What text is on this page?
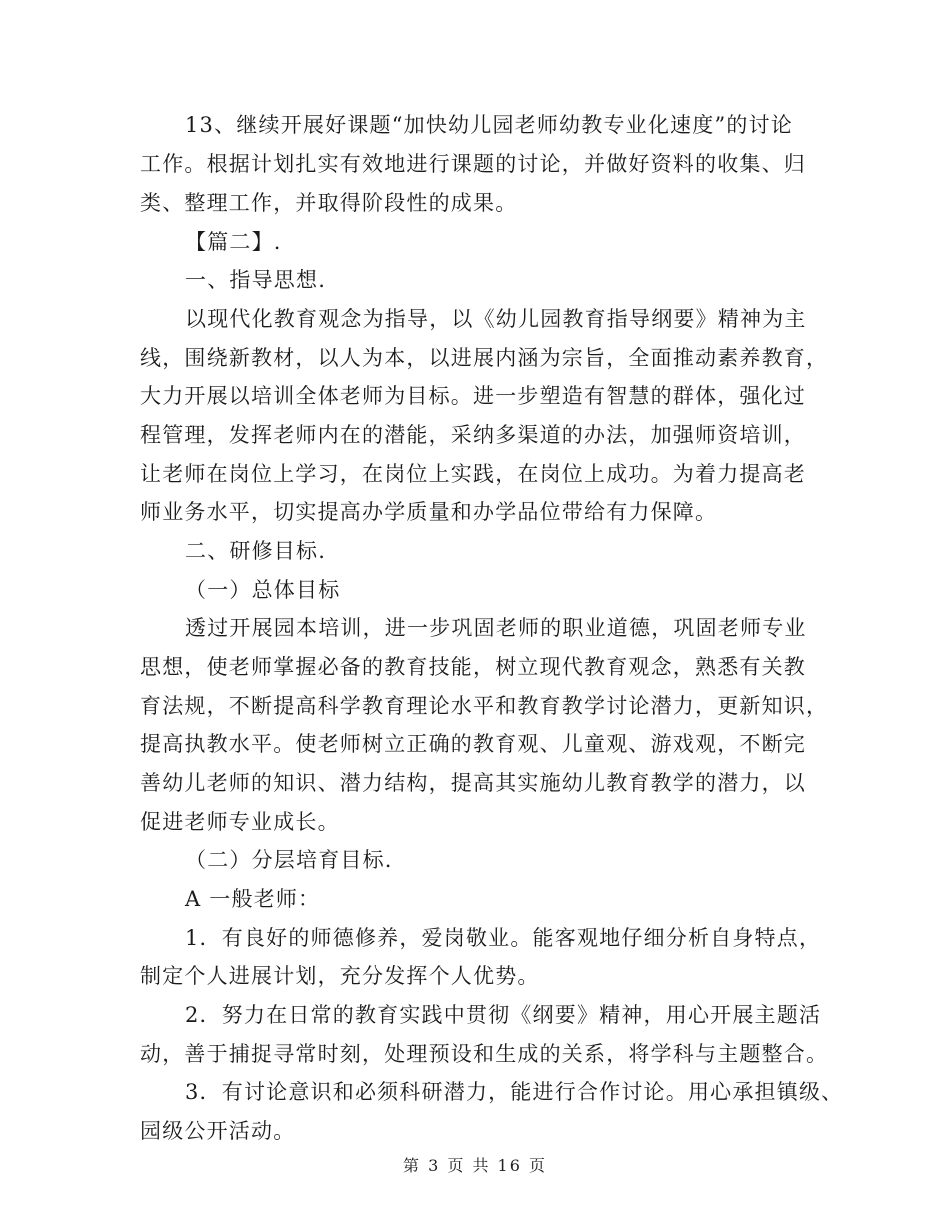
13、继续开展好课题“加快幼儿园老师幼教专业化速度”的讨论
工作。根据计划扎实有效地进行课题的讨论，并做好资料的收集、归
类、整理工作，并取得阶段性的成果。
【篇二】.
一、指导思想.
以现代化教育观念为指导，以《幼儿园教育指导纲要》精神为主
线，围绕新教材，以人为本，以进展内涵为宗旨，全面推动素养教育，
大力开展以培训全体老师为目标。进一步塑造有智慧的群体，强化过
程管理，发挥老师内在的潜能，采纳多渠道的办法，加强师资培训，
让老师在岗位上学习，在岗位上实践，在岗位上成功。为着力提高老
师业务水平，切实提高办学质量和办学品位带给有力保障。
二、研修目标.
（一）总体目标
透过开展园本培训，进一步巩固老师的职业道德，巩固老师专业
思想，使老师掌握必备的教育技能，树立现代教育观念，熟悉有关教
育法规，不断提高科学教育理论水平和教育教学讨论潜力，更新知识，
提高执教水平。使老师树立正确的教育观、儿童观、游戏观，不断完
善幼儿老师的知识、潜力结构，提高其实施幼儿教育教学的潜力，以
促进老师专业成长。
（二）分层培育目标.
A 一般老师：
1．有良好的师德修养，爱岗敬业。能客观地仔细分析自身特点，
制定个人进展计划，充分发挥个人优势。
2．努力在日常的教育实践中贯彻《纲要》精神，用心开展主题活
动，善于捕捉寻常时刻，处理预设和生成的关系，将学科与主题整合。
3．有讨论意识和必须科研潜力，能进行合作讨论。用心承担镇级、
园级公开活动。
第 3 页 共 16 页
